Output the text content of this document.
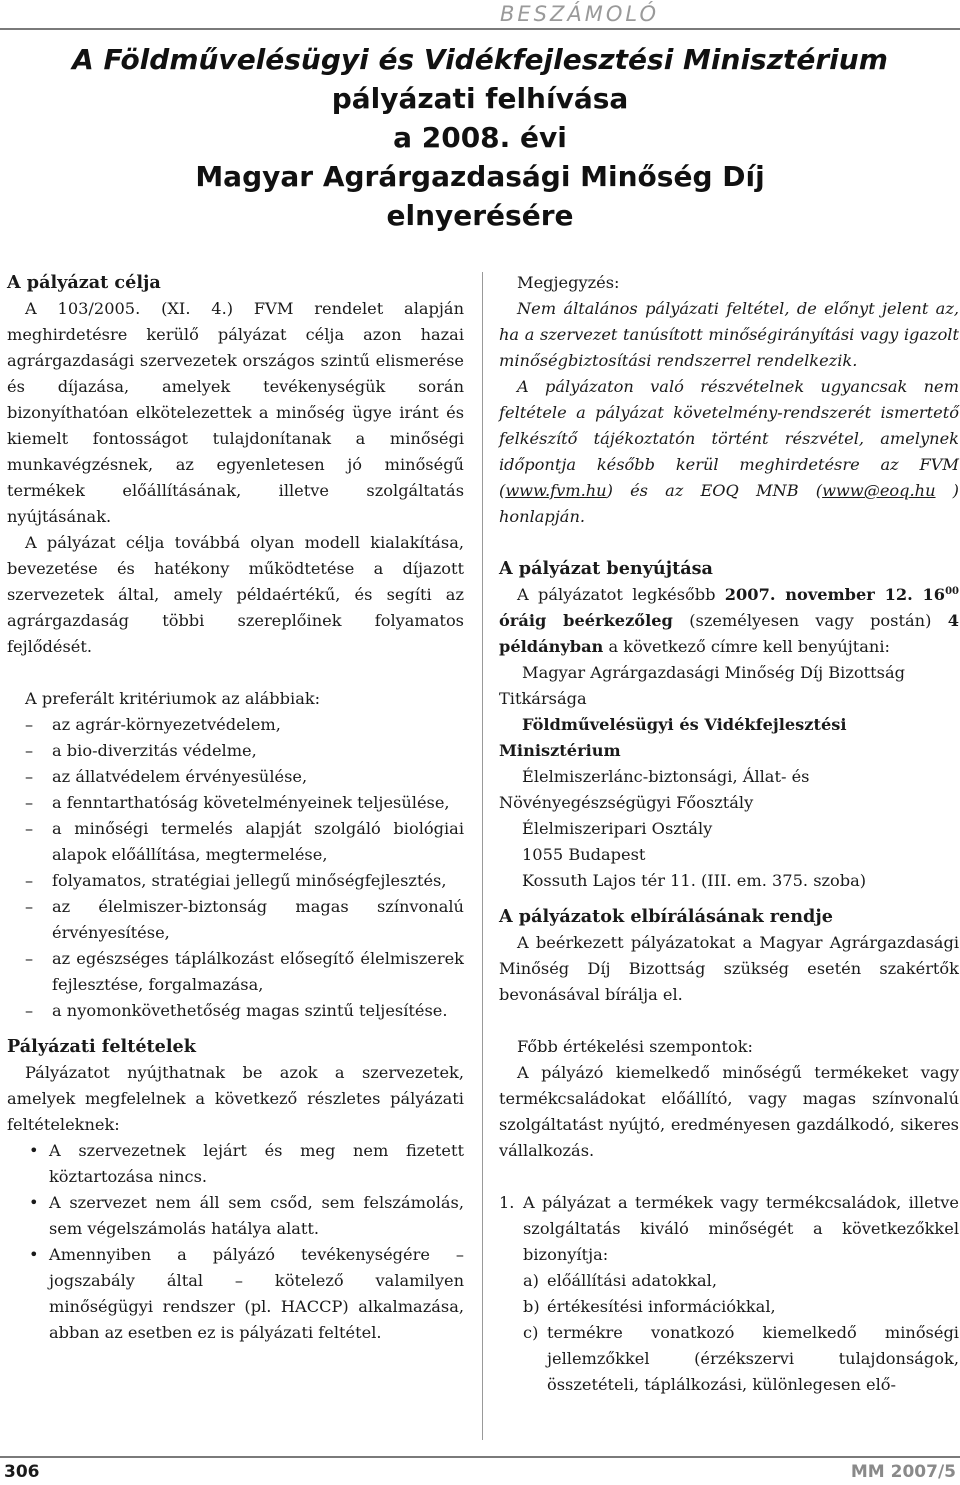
BESZÁMOLÓ
A Földművelésügyi és Vidékfejlesztési Minisztérium
pályázati felhívása
a 2008. évi
Magyar Agrárgazdasági Minőség Díj
elnyerésére

A pályázat célja

A 103/2005. (XI. 4.) FVM rendelet alapján meghirdetésre kerülő pályázat célja azon hazai agrárgazdasági szervezetek országos szintű elismerése és díjazása, amelyek tevékenységük során bizonyíthatóan elkötelezettek a minőség ügye iránt és kiemelt fontosságot tulajdonítanak a minőségi munkavégzésnek, az egyenletesen jó minőségű termékek előállításának, illetve szolgáltatás nyújtásának.

A pályázat célja továbbá olyan modell kialakítása, bevezetése és hatékony működtetése a díjazott szervezetek által, amely példaértékű, és segíti az agrárgazdaság többi szereplőinek folyamatos fejlődését.

A preferált kritériumok az alábbiak:

– az agrár-környezetvédelem,
– a bio-diverzitás védelme,
– az állatvédelem érvényesülése,
– a fenntarthatóság követelményeinek teljesülése,
– a minőségi termelés alapját szolgáló biológiai alapok előállítása, megtermelése,
– folyamatos, stratégiai jellegű minőségfejlesztés,
– az élelmiszer-biztonság magas színvonalú érvényesítése,
– az egészséges táplálkozást elősegítő élelmiszerek fejlesztése, forgalmazása,
– a nyomonkövethetőség magas szintű teljesítése.

Pályázati feltételek

Pályázatot nyújthatnak be azok a szervezetek, amelyek megfelelnek a következő részletes pályázati feltételeknek:

• A szervezetnek lejárt és meg nem fizetett köztartozása nincs.
• A szervezet nem áll sem csőd, sem felszámolás, sem végelszámolás hatálya alatt.
• Amennyiben a pályázó tevékenységére – jogszabály által – kötelező valamilyen minőségügyi rendszer (pl. HACCP) alkalmazása, abban az esetben ez is pályázati feltétel.

Megjegyzés:

Nem általános pályázati feltétel, de előnyt jelent az, ha a szervezet tanúsított minőségirányítási vagy igazolt minőségbiztosítási rendszerrel rendelkezik.

A pályázaton való részvételnek ugyancsak nem feltétele a pályázat követelmény-rendszerét ismertető felkészítő tájékoztatón történt részvétel, amelynek időpontja később kerül meghirdetésre az FVM (www.fvm.hu) és az EOQ MNB (www@eoq.hu ) honlapján.

A pályázat benyújtása

A pályázatot legkésőbb 2007. november 12. $16^{00}$ óráig beérkezőleg (személyesen vagy postán) 4 példányban a következő címre kell benyújtani:

Magyar Agrárgazdasági Minőség Díj Bizottság Titkársága

Földművelésügyi és Vidékfejlesztési Minisztérium

Élelmiszerlánc-biztonsági, Állat- és Növényegészségügyi Főosztály

Élelmiszeripari Osztály

1055 Budapest

Kossuth Lajos tér 11. (III. em. 375. szoba)

A pályázatok elbírálásának rendje

A beérkezett pályázatokat a Magyar Agrárgazdasági Minőség Díj Bizottság szükség esetén szakértők bevonásával bírálja el.

Főbb értékelési szempontok:

A pályázó kiemelkedő minőségű termékeket vagy termékcsaládokat előállító, vagy magas színvonalú szolgáltatást nyújtó, eredményesen gazdálkodó, sikeres vállalkozás.

1. A pályázat a termékek vagy termékcsaládok, illetve szolgáltatás kiváló minőségét a következőkkel bizonyítja:
a) előállítási adatokkal,
b) értékesítési információkkal,
c) termékre vonatkozó kiemelkedő minőségi jellemzőkkel (érzékszervi tulajdonságok, összetételi, táplálkozási, különlegesen elő-
306	MM 2007/5
